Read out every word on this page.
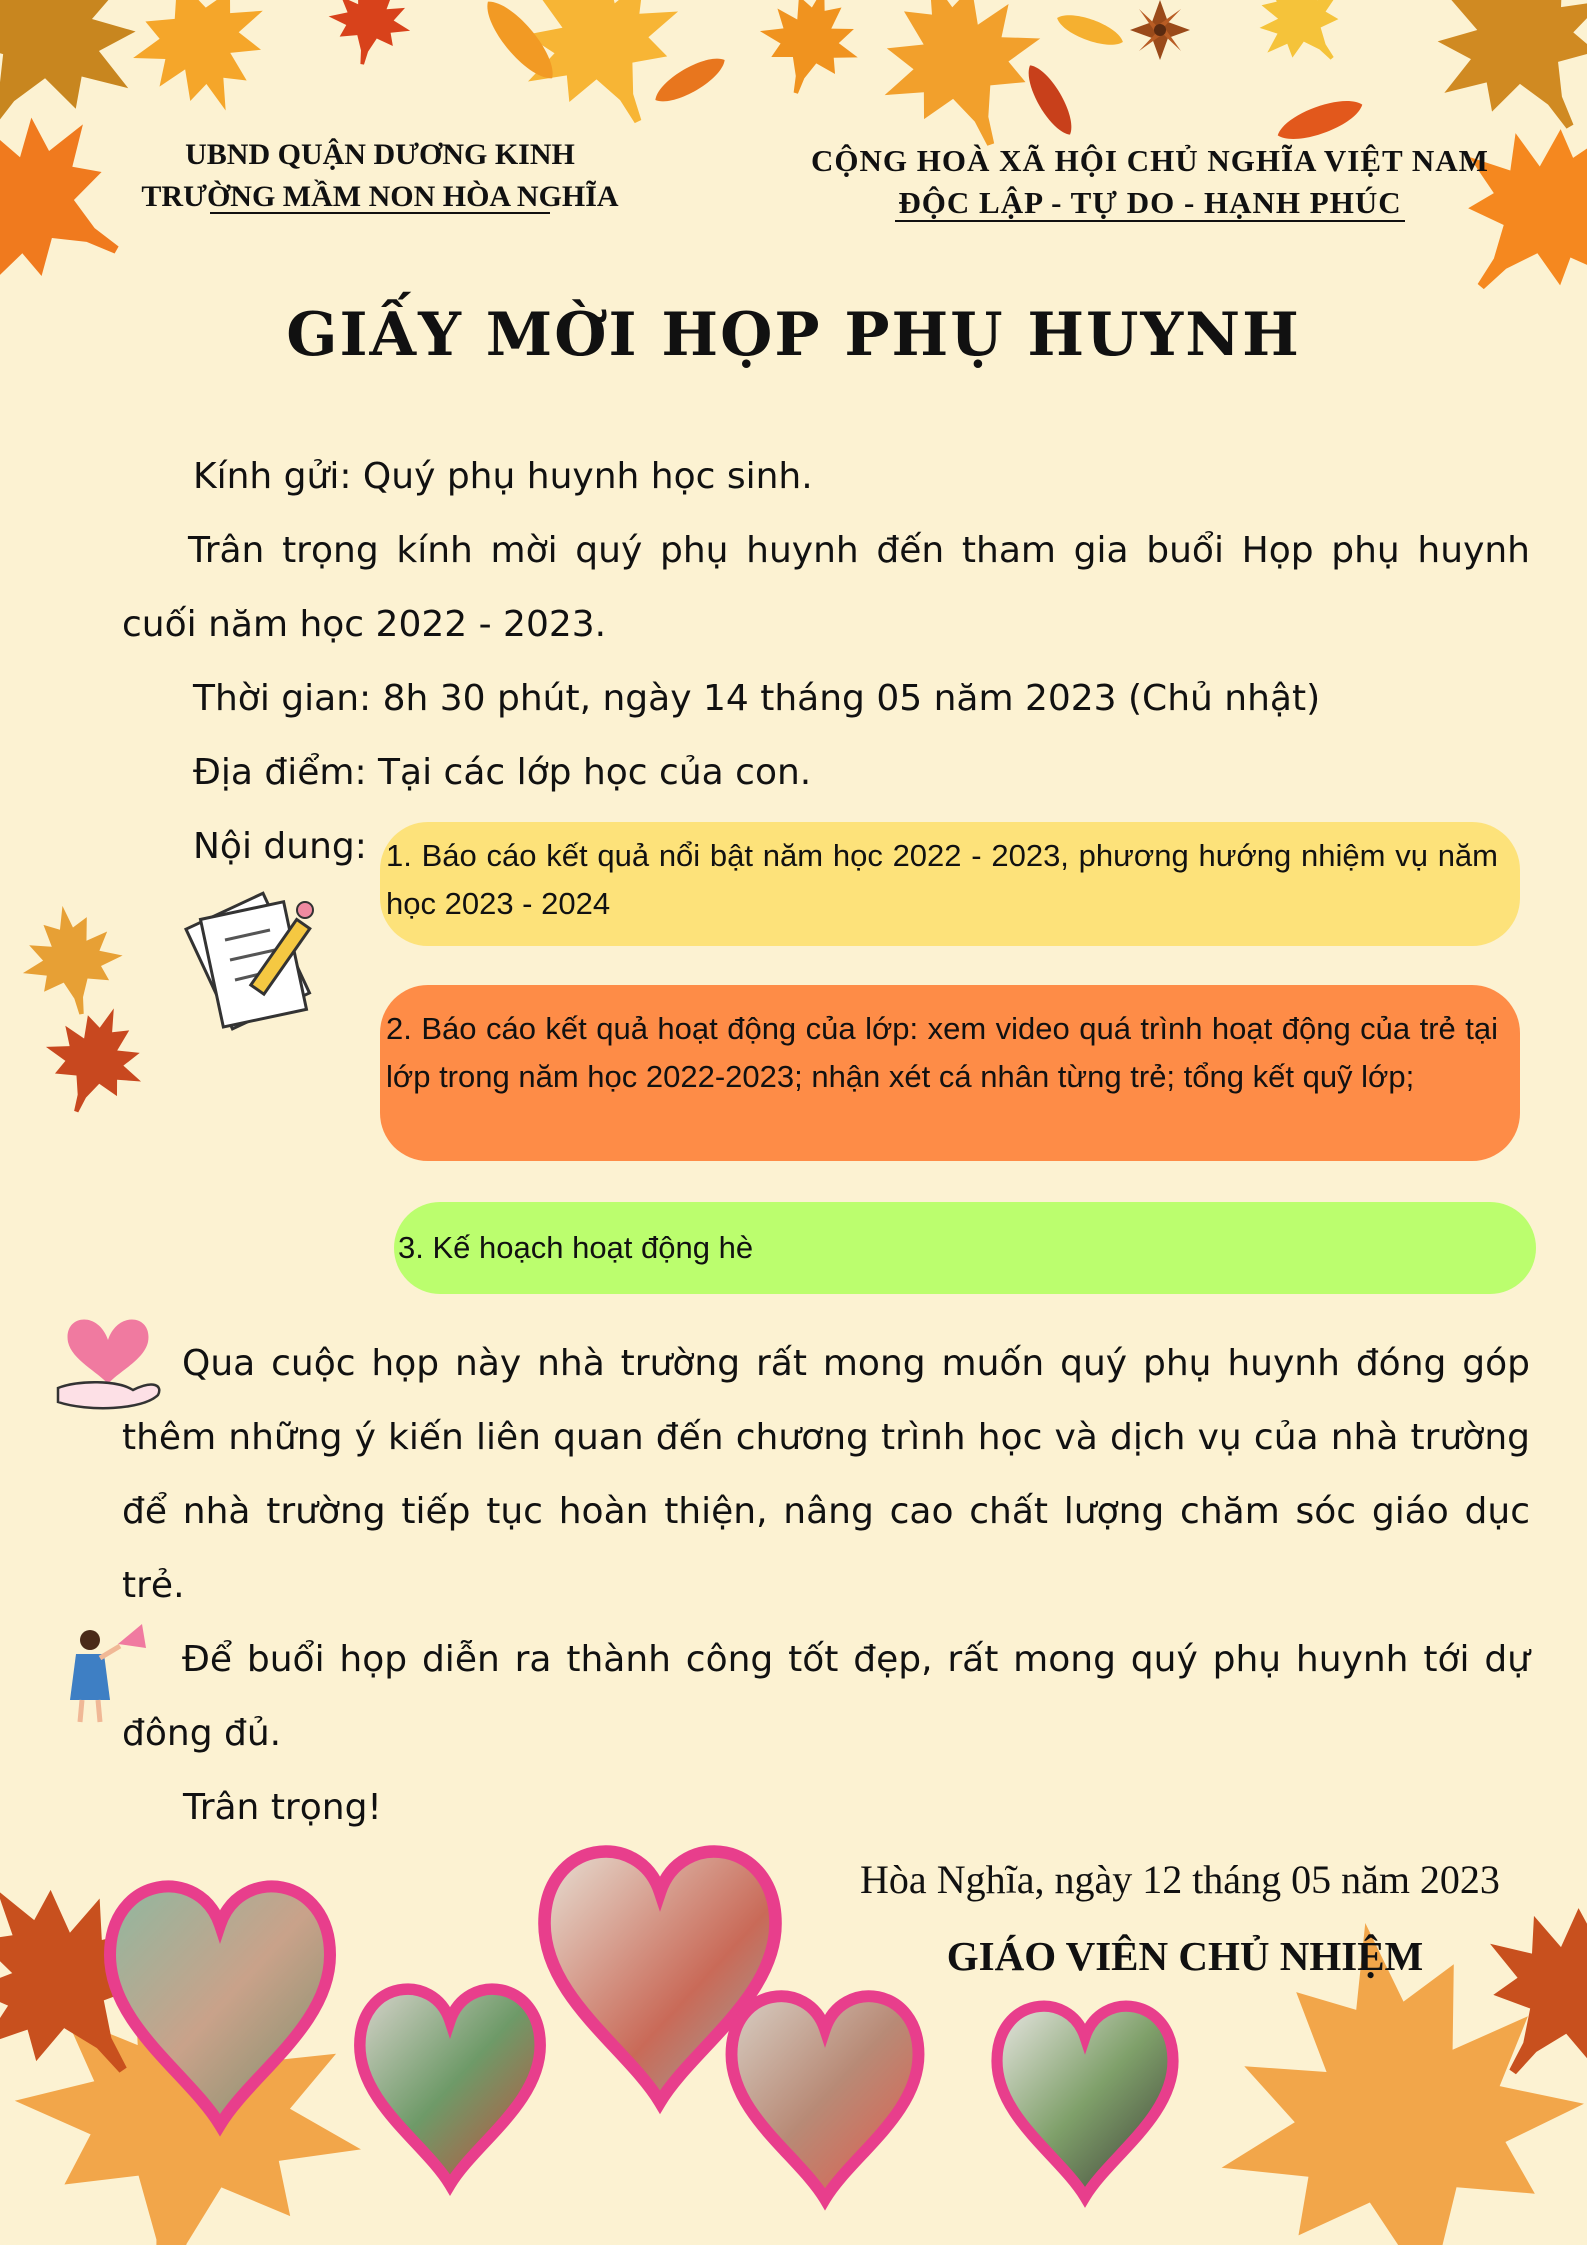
UBND QUẬN DƯƠNG KINH
TRƯỜNG MẦM NON HÒA NGHĨA
CỘNG HOÀ XÃ HỘI CHỦ NGHĨA VIỆT NAM
ĐỘC LẬP - TỰ DO - HẠNH PHÚC
GIẤY MỜI HỌP PHỤ HUYNH
Kính gửi: Quý phụ huynh học sinh.
Trân trọng kính mời quý phụ huynh đến tham gia buổi Họp phụ huynh cuối năm học 2022 - 2023.
Thời gian: 8h 30 phút, ngày 14 tháng 05 năm 2023 (Chủ nhật)
Địa điểm: Tại các lớp học của con.
Nội dung: 1. Báo cáo kết quả nổi bật năm học 2022 - 2023, phương hướng nhiệm vụ năm học 2023 - 2024
2. Báo cáo kết quả hoạt động của lớp: xem video quá trình hoạt động của trẻ tại lớp trong năm học 2022-2023; nhận xét cá nhân từng trẻ; tổng kết quỹ lớp;
3. Kế hoạch hoạt động hè
Qua cuộc họp này nhà trường rất mong muốn quý phụ huynh đóng góp thêm những ý kiến liên quan đến chương trình học và dịch vụ của nhà trường để nhà trường tiếp tục hoàn thiện, nâng cao chất lượng chăm sóc giáo dục trẻ.
Để buổi họp diễn ra thành công tốt đẹp, rất mong quý phụ huynh tới dự đông đủ.
Trân trọng!
Hòa Nghĩa, ngày 12 tháng 05 năm 2023
GIÁO VIÊN CHỦ NHIỆM
